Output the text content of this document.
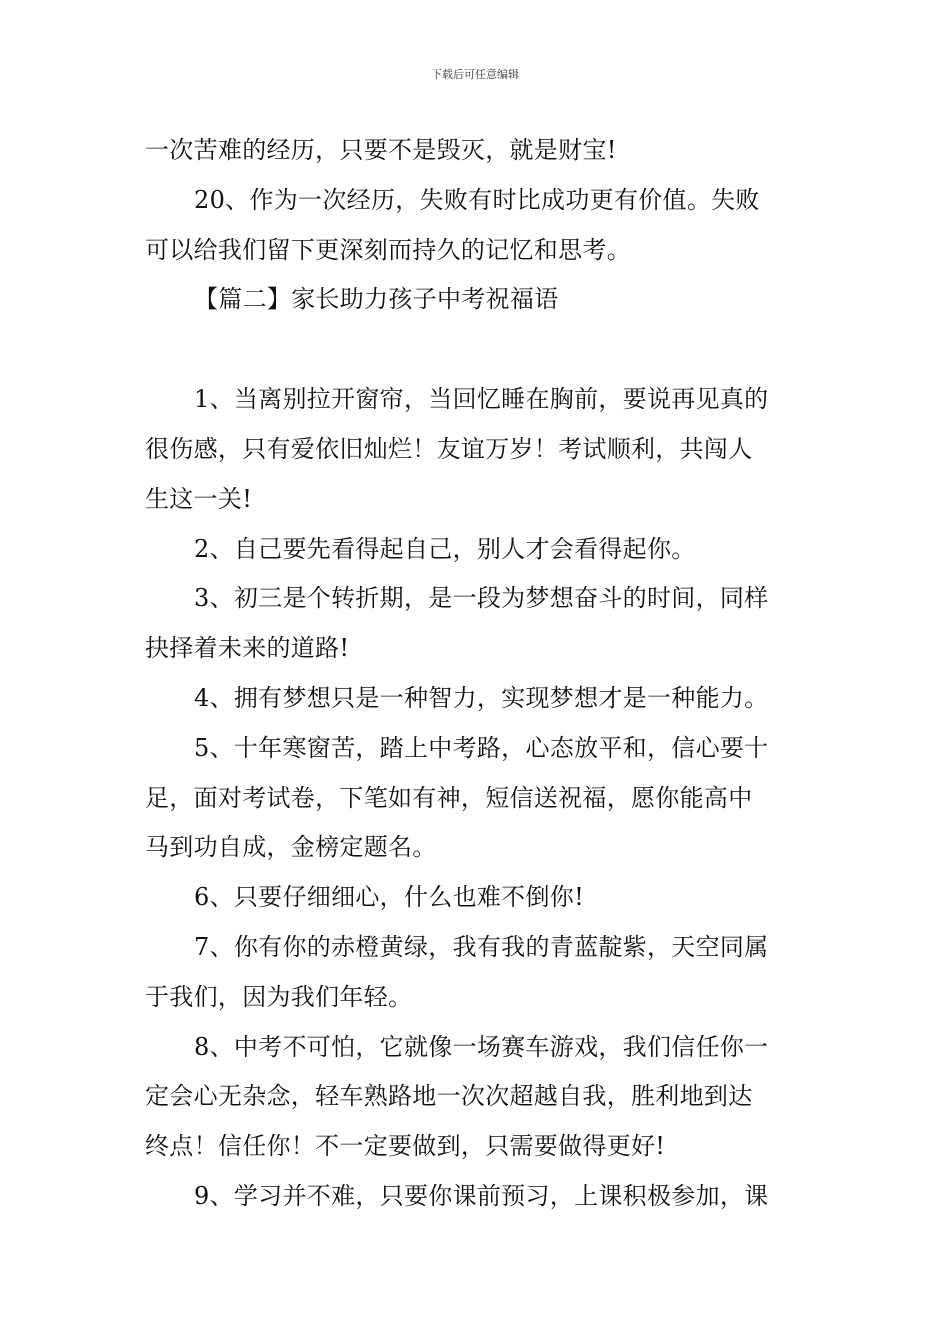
下载后可任意编辑
一次苦难的经历，只要不是毁灭，就是财宝!
20、作为一次经历，失败有时比成功更有价值。失败
可以给我们留下更深刻而持久的记忆和思考。
【篇二】家长助力孩子中考祝福语
1、当离别拉开窗帘，当回忆睡在胸前，要说再见真的
很伤感，只有爱依旧灿烂！友谊万岁！考试顺利，共闯人
生这一关!
2、自己要先看得起自己，别人才会看得起你。
3、初三是个转折期，是一段为梦想奋斗的时间，同样
抉择着未来的道路!
4、拥有梦想只是一种智力，实现梦想才是一种能力。
5、十年寒窗苦，踏上中考路，心态放平和，信心要十
足，面对考试卷，下笔如有神，短信送祝福，愿你能高中
马到功自成，金榜定题名。
6、只要仔细细心，什么也难不倒你!
7、你有你的赤橙黄绿，我有我的青蓝靛紫，天空同属
于我们，因为我们年轻。
8、中考不可怕，它就像一场赛车游戏，我们信任你一
定会心无杂念，轻车熟路地一次次超越自我，胜利地到达
终点！信任你！不一定要做到，只需要做得更好!
9、学习并不难，只要你课前预习，上课积极参加，课
